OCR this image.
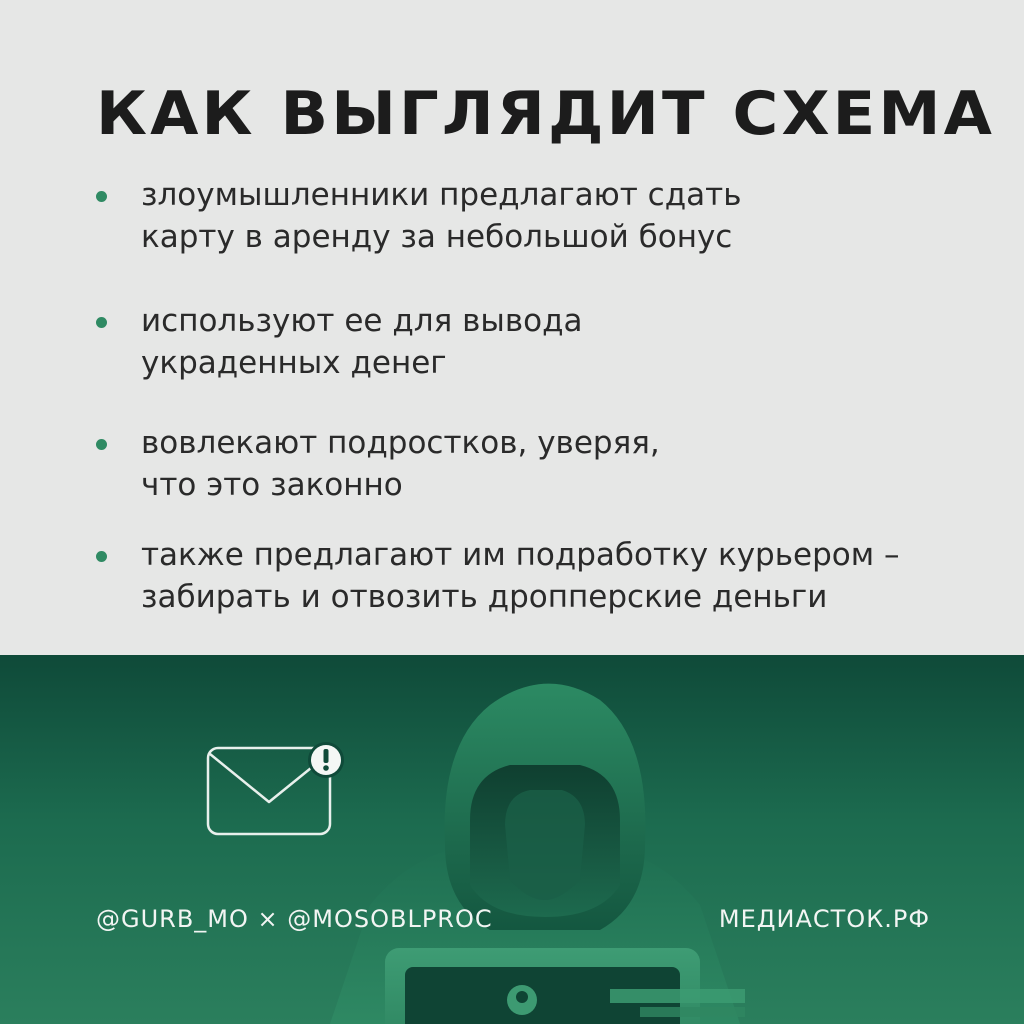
КАК ВЫГЛЯДИТ СХЕМА
злоумышленники предлагают сдать
карту в аренду за небольшой бонус
используют ее для вывода
украденных денег
вовлекают подростков, уверяя,
что это законно
также предлагают им подработку курьером –
забирать и отвозить дропперские деньги
@GURB_MO × @MOSOBLPROC	МЕДИАСТОК.РФ
